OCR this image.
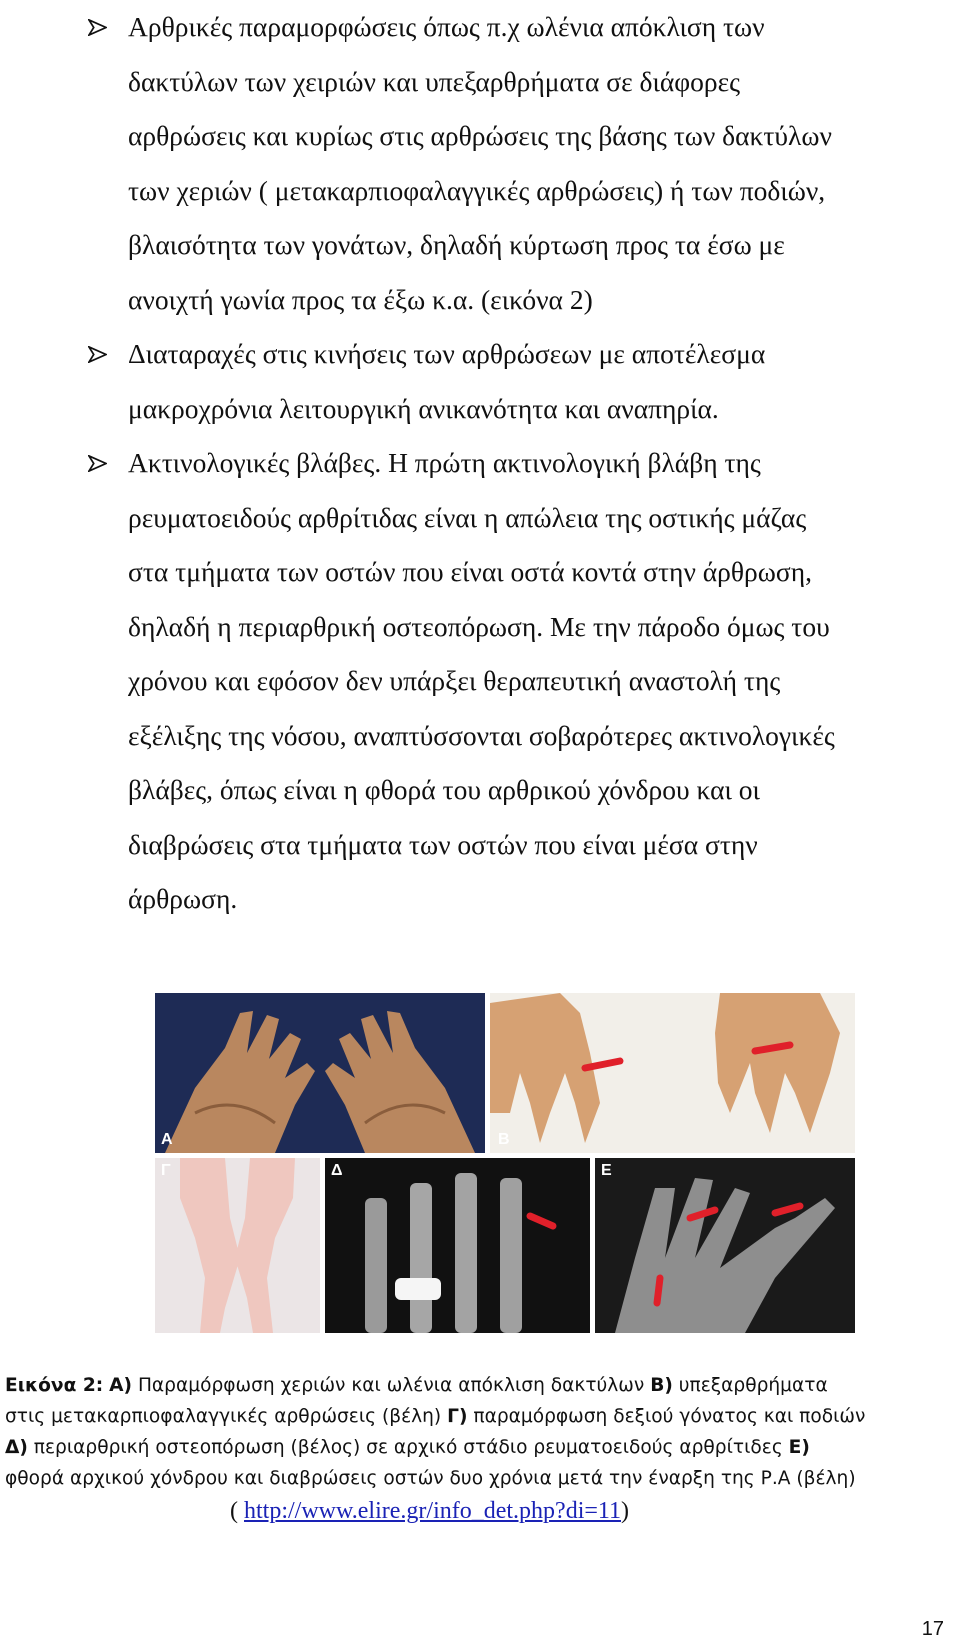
Αρθρικές παραμορφώσεις όπως π.χ ωλένια απόκλιση των

δακτύλων των χειριών και υπεξαρθρήματα σε διάφορες

αρθρώσεις και κυρίως στις αρθρώσεις της βάσης των δακτύλων

των χεριών ( μετακαρπιοφαλαγγικές αρθρώσεις) ή των ποδιών,

βλαισότητα των γονάτων, δηλαδή κύρτωση προς τα έσω με

ανοιχτή γωνία προς τα έξω κ.α. (εικόνα 2)

Διαταραχές στις κινήσεις των αρθρώσεων με αποτέλεσμα

μακροχρόνια λειτουργική ανικανότητα και αναπηρία.

Ακτινολογικές βλάβες. Η πρώτη ακτινολογική βλάβη της

ρευματοειδούς αρθρίτιδας είναι η απώλεια της οστικής μάζας

στα τμήματα των οστών που είναι οστά κοντά στην άρθρωση,

δηλαδή η περιαρθρική οστεοπόρωση. Με την πάροδο όμως του

χρόνου και εφόσον δεν υπάρξει θεραπευτική αναστολή της

εξέλιξης της νόσου, αναπτύσσονται σοβαρότερες ακτινολογικές

βλάβες, όπως είναι η φθορά του αρθρικού χόνδρου και οι

διαβρώσεις στα τμήματα των οστών που είναι μέσα στην

άρθρωση.

A	B
Γ	Δ	E
Εικόνα 2: A) Παραμόρφωση χεριών και ωλένια απόκλιση δακτύλων B) υπεξαρθρήματα
στις μετακαρπιοφαλαγγικές αρθρώσεις (βέλη) Γ) παραμόρφωση δεξιού γόνατος και ποδιών
Δ) περιαρθρική οστεοπόρωση (βέλος) σε αρχικό στάδιο ρευματοειδούς αρθρίτιδες E)
φθορά αρχικού χόνδρου και διαβρώσεις οστών δυο χρόνια μετά την έναρξη της Ρ.Α (βέλη)
( http://www.elire.gr/info_det.php?di=11)
17
